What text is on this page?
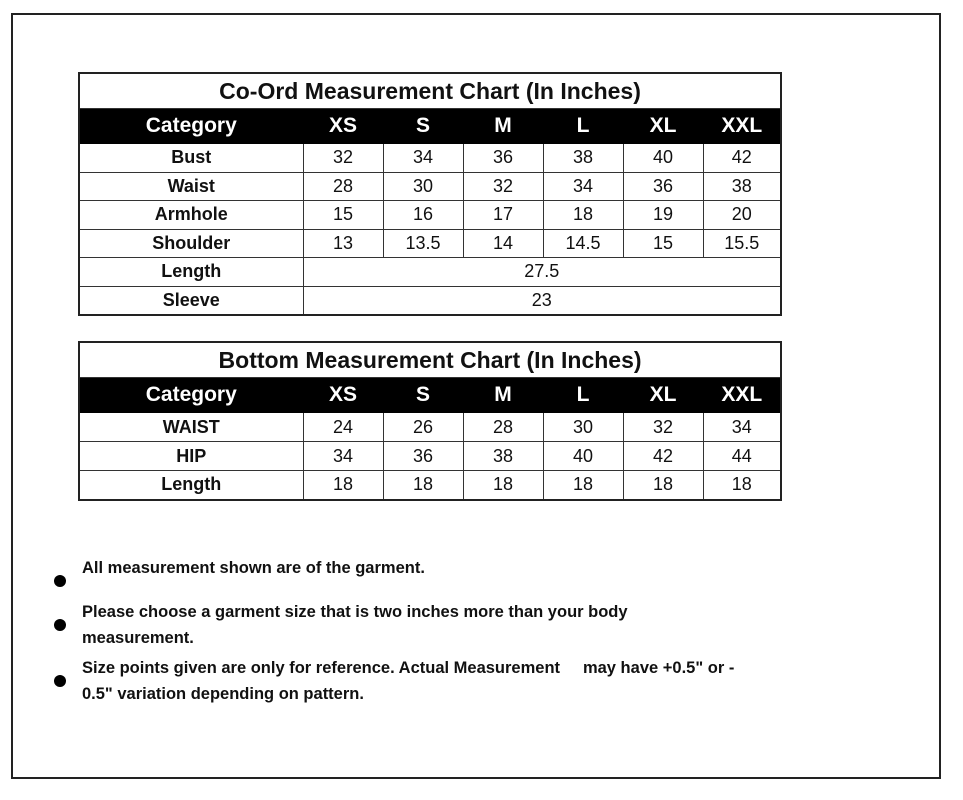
Co-Ord Measurement Chart (In Inches)						
Category	XS	S	M	L	XL	XXL
Bust	32	34	36	38	40	42
Waist	28	30	32	34	36	38
Armhole	15	16	17	18	19	20
Shoulder	13	13.5	14	14.5	15	15.5
Length	27.5					
Sleeve	23					
Bottom Measurement Chart (In Inches)						
Category	XS	S	M	L	XL	XXL
WAIST	24	26	28	30	32	34
HIP	34	36	38	40	42	44
Length	18	18	18	18	18	18
All measurement shown are of the garment.
Please choose a garment size that is two inches more than your body
measurement.
Size points given are only for reference. Actual Measurement     may have +0.5" or -
0.5" variation depending on pattern.
